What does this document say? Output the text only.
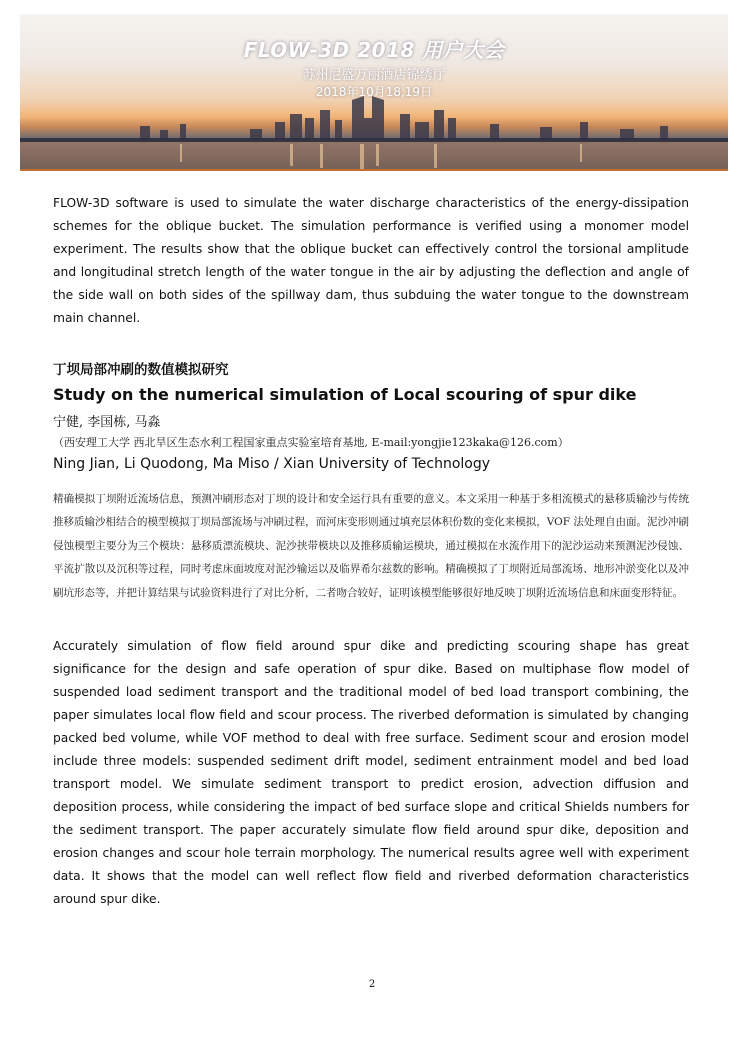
FLOW-3D 2018 用户大会
苏州尼盛万丽酒店锦绣厅
2018年10月18,19日

FLOW-3D software is used to simulate the water discharge characteristics of the energy-dissipation schemes for the oblique bucket. The simulation performance is verified using a monomer model experiment. The results show that the oblique bucket can effectively control the torsional amplitude and longitudinal stretch length of the water tongue in the air by adjusting the deflection and angle of the side wall on both sides of the spillway dam, thus subduing the water tongue to the downstream main channel.

丁坝局部冲刷的数值模拟研究

Study on the numerical simulation of Local scouring of spur dike

宁健, 李国栋, 马淼

（西安理工大学 西北旱区生态水利工程国家重点实验室培育基地, E-mail:yongjie123kaka@126.com）

Ning Jian, Li Quodong, Ma Miso / Xian University of Technology

精确模拟丁坝附近流场信息，预测冲刷形态对丁坝的设计和安全运行具有重要的意义。本文采用一种基于多相流模式的悬移质输沙与传统推移质输沙相结合的模型模拟丁坝局部流场与冲刷过程，而河床变形则通过填充层体积份数的变化来模拟，VOF 法处理自由面。泥沙冲刷侵蚀模型主要分为三个模块：悬移质漂流模块、泥沙挟带模块以及推移质输运模块，通过模拟在水流作用下的泥沙运动来预测泥沙侵蚀、平流扩散以及沉积等过程，同时考虑床面坡度对泥沙输运以及临界希尔兹数的影响。精确模拟了丁坝附近局部流场、地形冲淤变化以及冲刷坑形态等，并把计算结果与试验资料进行了对比分析，二者吻合较好，证明该模型能够很好地反映丁坝附近流场信息和床面变形特征。

Accurately simulation of flow field around spur dike and predicting scouring shape has great significance for the design and safe operation of spur dike. Based on multiphase flow model of suspended load sediment transport and the traditional model of bed load transport combining, the paper simulates local flow field and scour process. The riverbed deformation is simulated by changing packed bed volume, while VOF method to deal with free surface. Sediment scour and erosion model include three models: suspended sediment drift model, sediment entrainment model and bed load transport model. We simulate sediment transport to predict erosion, advection diffusion and deposition process, while considering the impact of bed surface slope and critical Shields numbers for the sediment transport. The paper accurately simulate flow field around spur dike, deposition and erosion changes and scour hole terrain morphology. The numerical results agree well with experiment data. It shows that the model can well reflect flow field and riverbed deformation characteristics around spur dike.

2
